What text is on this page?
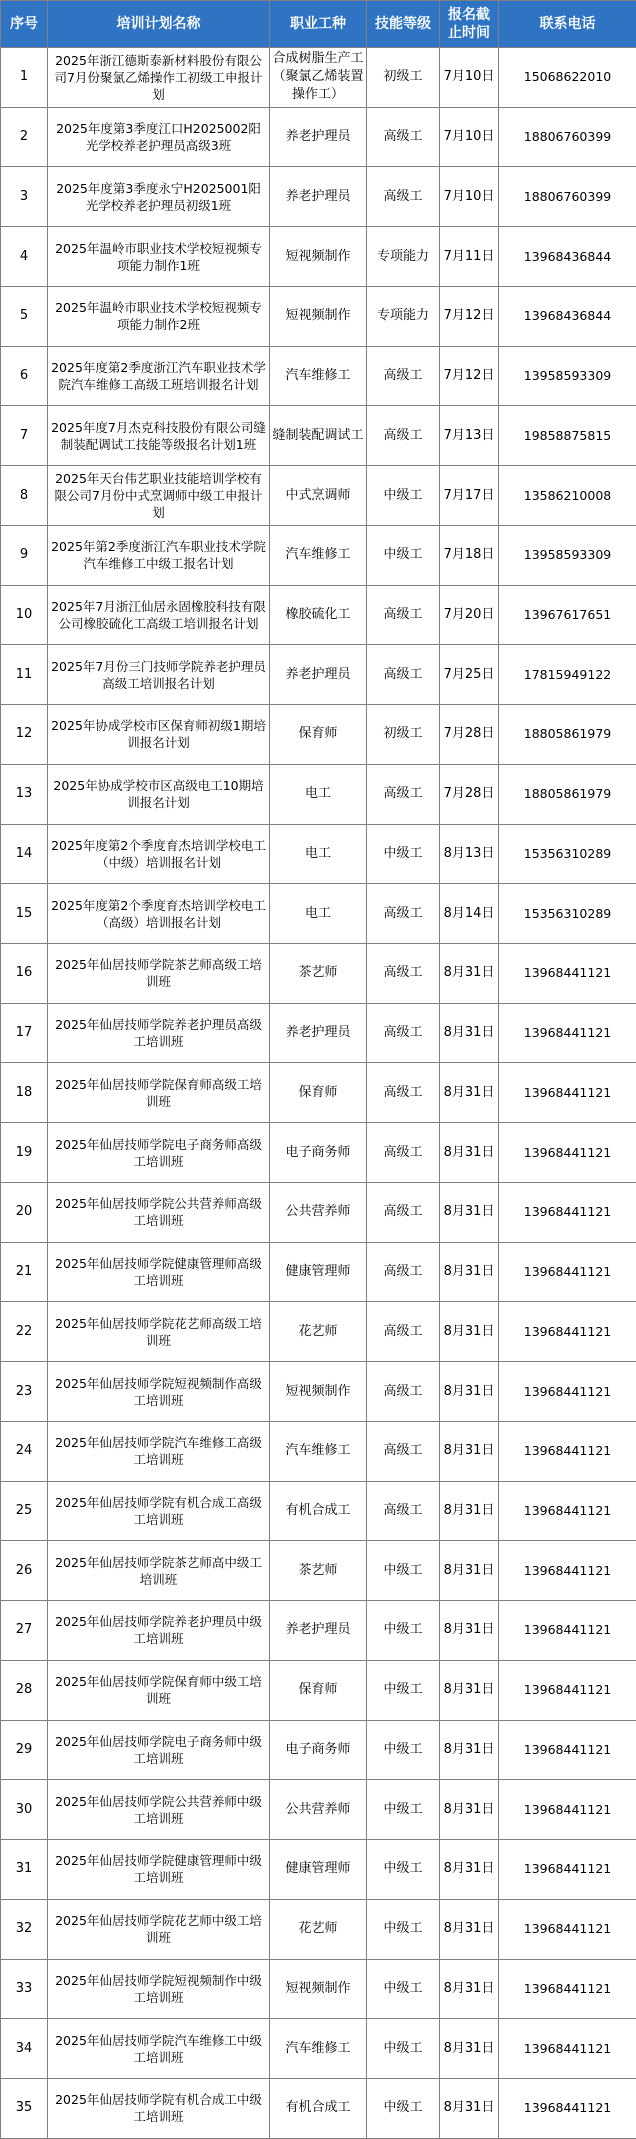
序号	培训计划名称	职业工种	技能等级	报名截止时间	联系电话
1	2025年浙江德斯泰新材料股份有限公司7月份聚氯乙烯操作工初级工申报计划	合成树脂生产工（聚氯乙烯装置操作工）	初级工	7月10日	15068622010
2	2025年度第3季度江口H2025002阳光学校养老护理员高级3班	养老护理员	高级工	7月10日	18806760399
3	2025年度第3季度永宁H2025001阳光学校养老护理员初级1班	养老护理员	高级工	7月10日	18806760399
4	2025年温岭市职业技术学校短视频专项能力制作1班	短视频制作	专项能力	7月11日	13968436844
5	2025年温岭市职业技术学校短视频专项能力制作2班	短视频制作	专项能力	7月12日	13968436844
6	2025年度第2季度浙江汽车职业技术学院汽车维修工高级工班培训报名计划	汽车维修工	高级工	7月12日	13958593309
7	2025年度7月杰克科技股份有限公司缝制装配调试工技能等级报名计划1班	缝制装配调试工	高级工	7月13日	19858875815
8	2025年天台伟艺职业技能培训学校有限公司7月份中式烹调师中级工申报计划	中式烹调师	中级工	7月17日	13586210008
9	2025年第2季度浙江汽车职业技术学院汽车维修工中级工报名计划	汽车维修工	中级工	7月18日	13958593309
10	2025年7月浙江仙居永固橡胶科技有限公司橡胶硫化工高级工培训报名计划	橡胶硫化工	高级工	7月20日	13967617651
11	2025年7月份三门技师学院养老护理员高级工培训报名计划	养老护理员	高级工	7月25日	17815949122
12	2025年协成学校市区保育师初级1期培训报名计划	保育师	初级工	7月28日	18805861979
13	2025年协成学校市区高级电工10期培训报名计划	电工	高级工	7月28日	18805861979
14	2025年度第2个季度育杰培训学校电工（中级）培训报名计划	电工	中级工	8月13日	15356310289
15	2025年度第2个季度育杰培训学校电工（高级）培训报名计划	电工	高级工	8月14日	15356310289
16	2025年仙居技师学院茶艺师高级工培训班	茶艺师	高级工	8月31日	13968441121
17	2025年仙居技师学院养老护理员高级工培训班	养老护理员	高级工	8月31日	13968441121
18	2025年仙居技师学院保育师高级工培训班	保育师	高级工	8月31日	13968441121
19	2025年仙居技师学院电子商务师高级工培训班	电子商务师	高级工	8月31日	13968441121
20	2025年仙居技师学院公共营养师高级工培训班	公共营养师	高级工	8月31日	13968441121
21	2025年仙居技师学院健康管理师高级工培训班	健康管理师	高级工	8月31日	13968441121
22	2025年仙居技师学院花艺师高级工培训班	花艺师	高级工	8月31日	13968441121
23	2025年仙居技师学院短视频制作高级工培训班	短视频制作	高级工	8月31日	13968441121
24	2025年仙居技师学院汽车维修工高级工培训班	汽车维修工	高级工	8月31日	13968441121
25	2025年仙居技师学院有机合成工高级工培训班	有机合成工	高级工	8月31日	13968441121
26	2025年仙居技师学院茶艺师高中级工培训班	茶艺师	中级工	8月31日	13968441121
27	2025年仙居技师学院养老护理员中级工培训班	养老护理员	中级工	8月31日	13968441121
28	2025年仙居技师学院保育师中级工培训班	保育师	中级工	8月31日	13968441121
29	2025年仙居技师学院电子商务师中级工培训班	电子商务师	中级工	8月31日	13968441121
30	2025年仙居技师学院公共营养师中级工培训班	公共营养师	中级工	8月31日	13968441121
31	2025年仙居技师学院健康管理师中级工培训班	健康管理师	中级工	8月31日	13968441121
32	2025年仙居技师学院花艺师中级工培训班	花艺师	中级工	8月31日	13968441121
33	2025年仙居技师学院短视频制作中级工培训班	短视频制作	中级工	8月31日	13968441121
34	2025年仙居技师学院汽车维修工中级工培训班	汽车维修工	中级工	8月31日	13968441121
35	2025年仙居技师学院有机合成工中级工培训班	有机合成工	中级工	8月31日	13968441121
